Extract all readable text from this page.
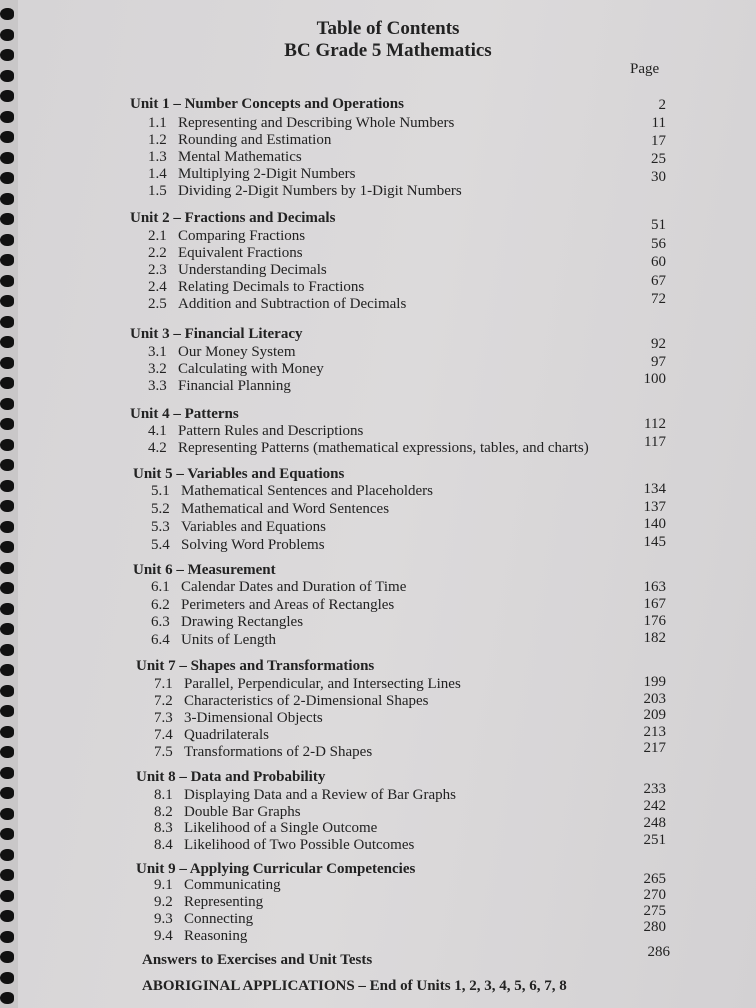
Table of Contents
BC Grade 5 Mathematics
Page
Unit 1 – Number Concepts and Operations
1.1 Representing and Describing Whole Numbers
1.2 Rounding and Estimation
1.3 Mental Mathematics
1.4 Multiplying 2-Digit Numbers
1.5 Dividing 2-Digit Numbers by 1-Digit Numbers
2
11
17
25
30
Unit 2 – Fractions and Decimals
2.1 Comparing Fractions
2.2 Equivalent Fractions
2.3 Understanding Decimals
2.4 Relating Decimals to Fractions
2.5 Addition and Subtraction of Decimals
51
56
60
67
72
Unit 3 – Financial Literacy
3.1 Our Money System
3.2 Calculating with Money
3.3 Financial Planning
92
97
100
Unit 4 – Patterns
4.1 Pattern Rules and Descriptions
4.2 Representing Patterns (mathematical expressions, tables, and charts)
112
117
Unit 5 – Variables and Equations
5.1 Mathematical Sentences and Placeholders
5.2 Mathematical and Word Sentences
5.3 Variables and Equations
5.4 Solving Word Problems
134
137
140
145
Unit 6 – Measurement
6.1 Calendar Dates and Duration of Time
6.2 Perimeters and Areas of Rectangles
6.3 Drawing Rectangles
6.4 Units of Length
163
167
176
182
Unit 7 – Shapes and Transformations
7.1 Parallel, Perpendicular, and Intersecting Lines
7.2 Characteristics of 2-Dimensional Shapes
7.3 3-Dimensional Objects
7.4 Quadrilaterals
7.5 Transformations of 2-D Shapes
199
203
209
213
217
Unit 8 – Data and Probability
8.1 Displaying Data and a Review of Bar Graphs
8.2 Double Bar Graphs
8.3 Likelihood of a Single Outcome
8.4 Likelihood of Two Possible Outcomes
233
242
248
251
Unit 9 – Applying Curricular Competencies
9.1 Communicating
9.2 Representing
9.3 Connecting
9.4 Reasoning
265
270
275
280
Answers to Exercises and Unit Tests	286
ABORIGINAL APPLICATIONS – End of Units 1, 2, 3, 4, 5, 6, 7, 8
